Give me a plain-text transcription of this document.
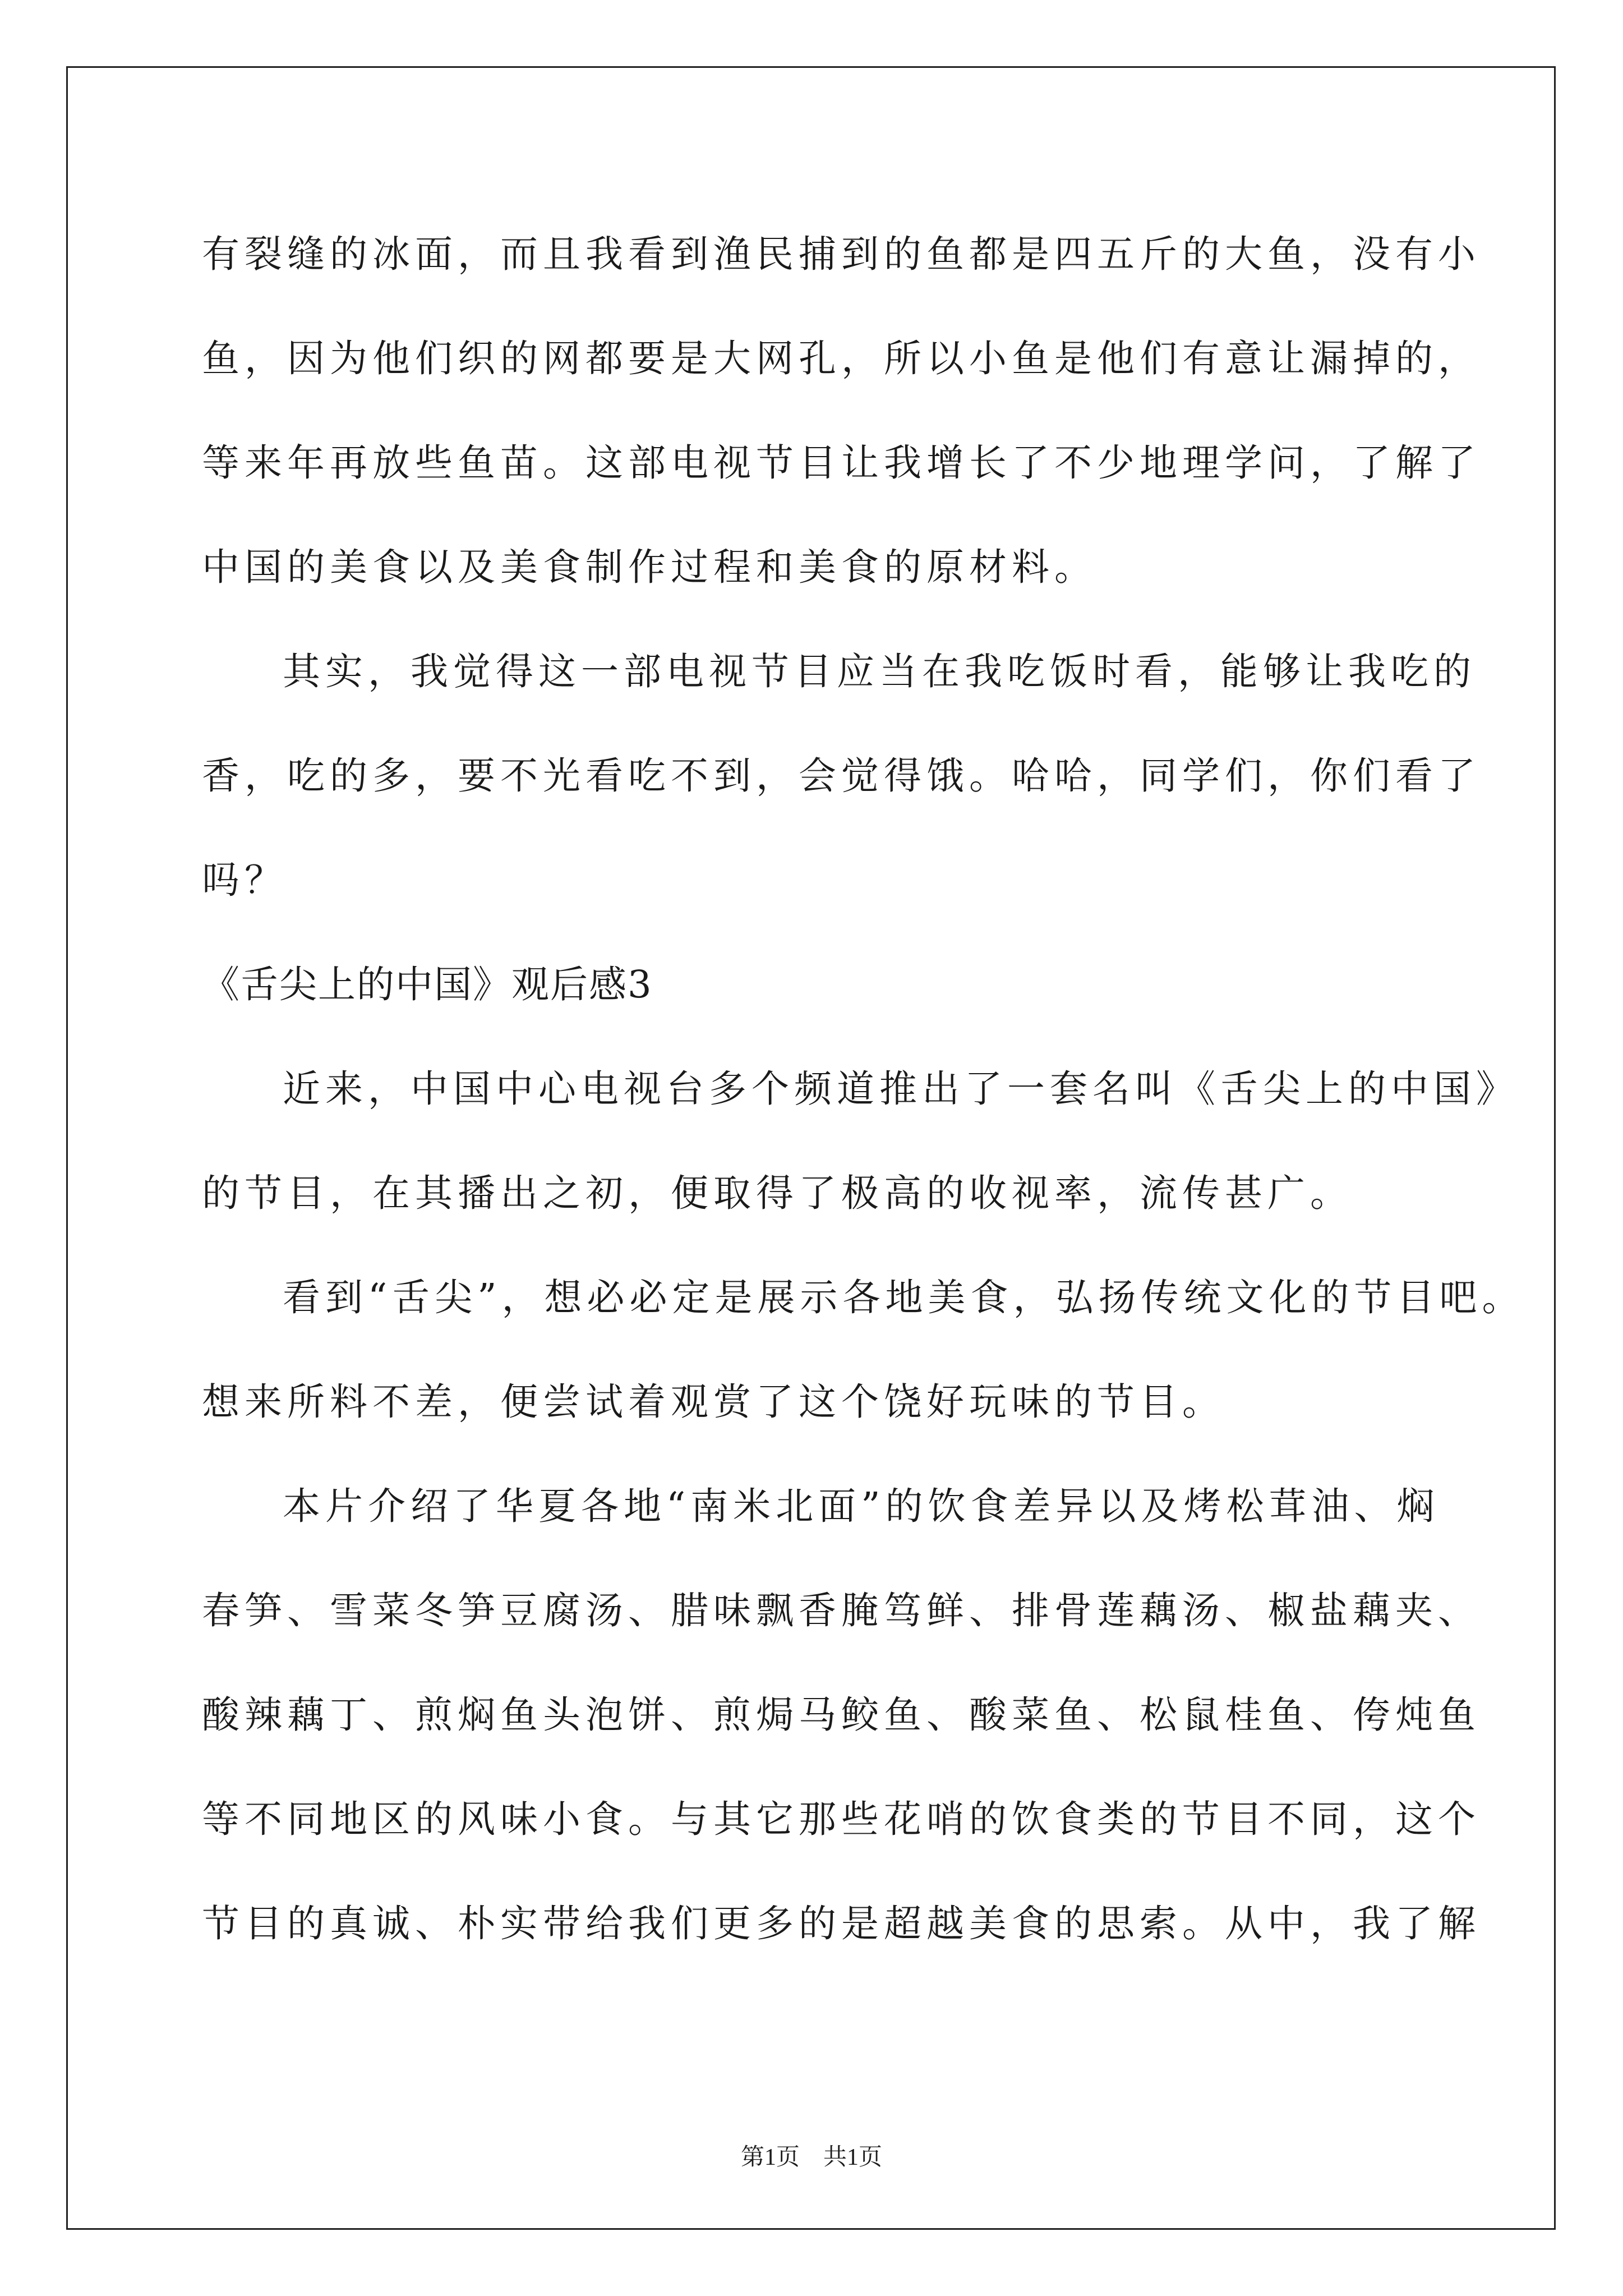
有裂缝的冰面，而且我看到渔民捕到的鱼都是四五斤的大鱼，没有小
鱼，因为他们织的网都要是大网孔，所以小鱼是他们有意让漏掉的，
等来年再放些鱼苗。这部电视节目让我增长了不少地理学问，了解了
中国的美食以及美食制作过程和美食的原材料。
其实，我觉得这一部电视节目应当在我吃饭时看，能够让我吃的
香，吃的多，要不光看吃不到，会觉得饿。哈哈，同学们，你们看了
吗？
《舌尖上的中国》观后感3
近来，中国中心电视台多个频道推出了一套名叫《舌尖上的中国》
的节目，在其播出之初，便取得了极高的收视率，流传甚广。
看到“舌尖”，想必必定是展示各地美食，弘扬传统文化的节目吧。
想来所料不差，便尝试着观赏了这个饶好玩味的节目。
本片介绍了华夏各地“南米北面”的饮食差异以及烤松茸油、焖
春笋、雪菜冬笋豆腐汤、腊味飘香腌笃鲜、排骨莲藕汤、椒盐藕夹、
酸辣藕丁、煎焖鱼头泡饼、煎焗马鲛鱼、酸菜鱼、松鼠桂鱼、侉炖鱼
等不同地区的风味小食。与其它那些花哨的饮食类的节目不同，这个
节目的真诚、朴实带给我们更多的是超越美食的思索。从中，我了解
第1页　共1页
